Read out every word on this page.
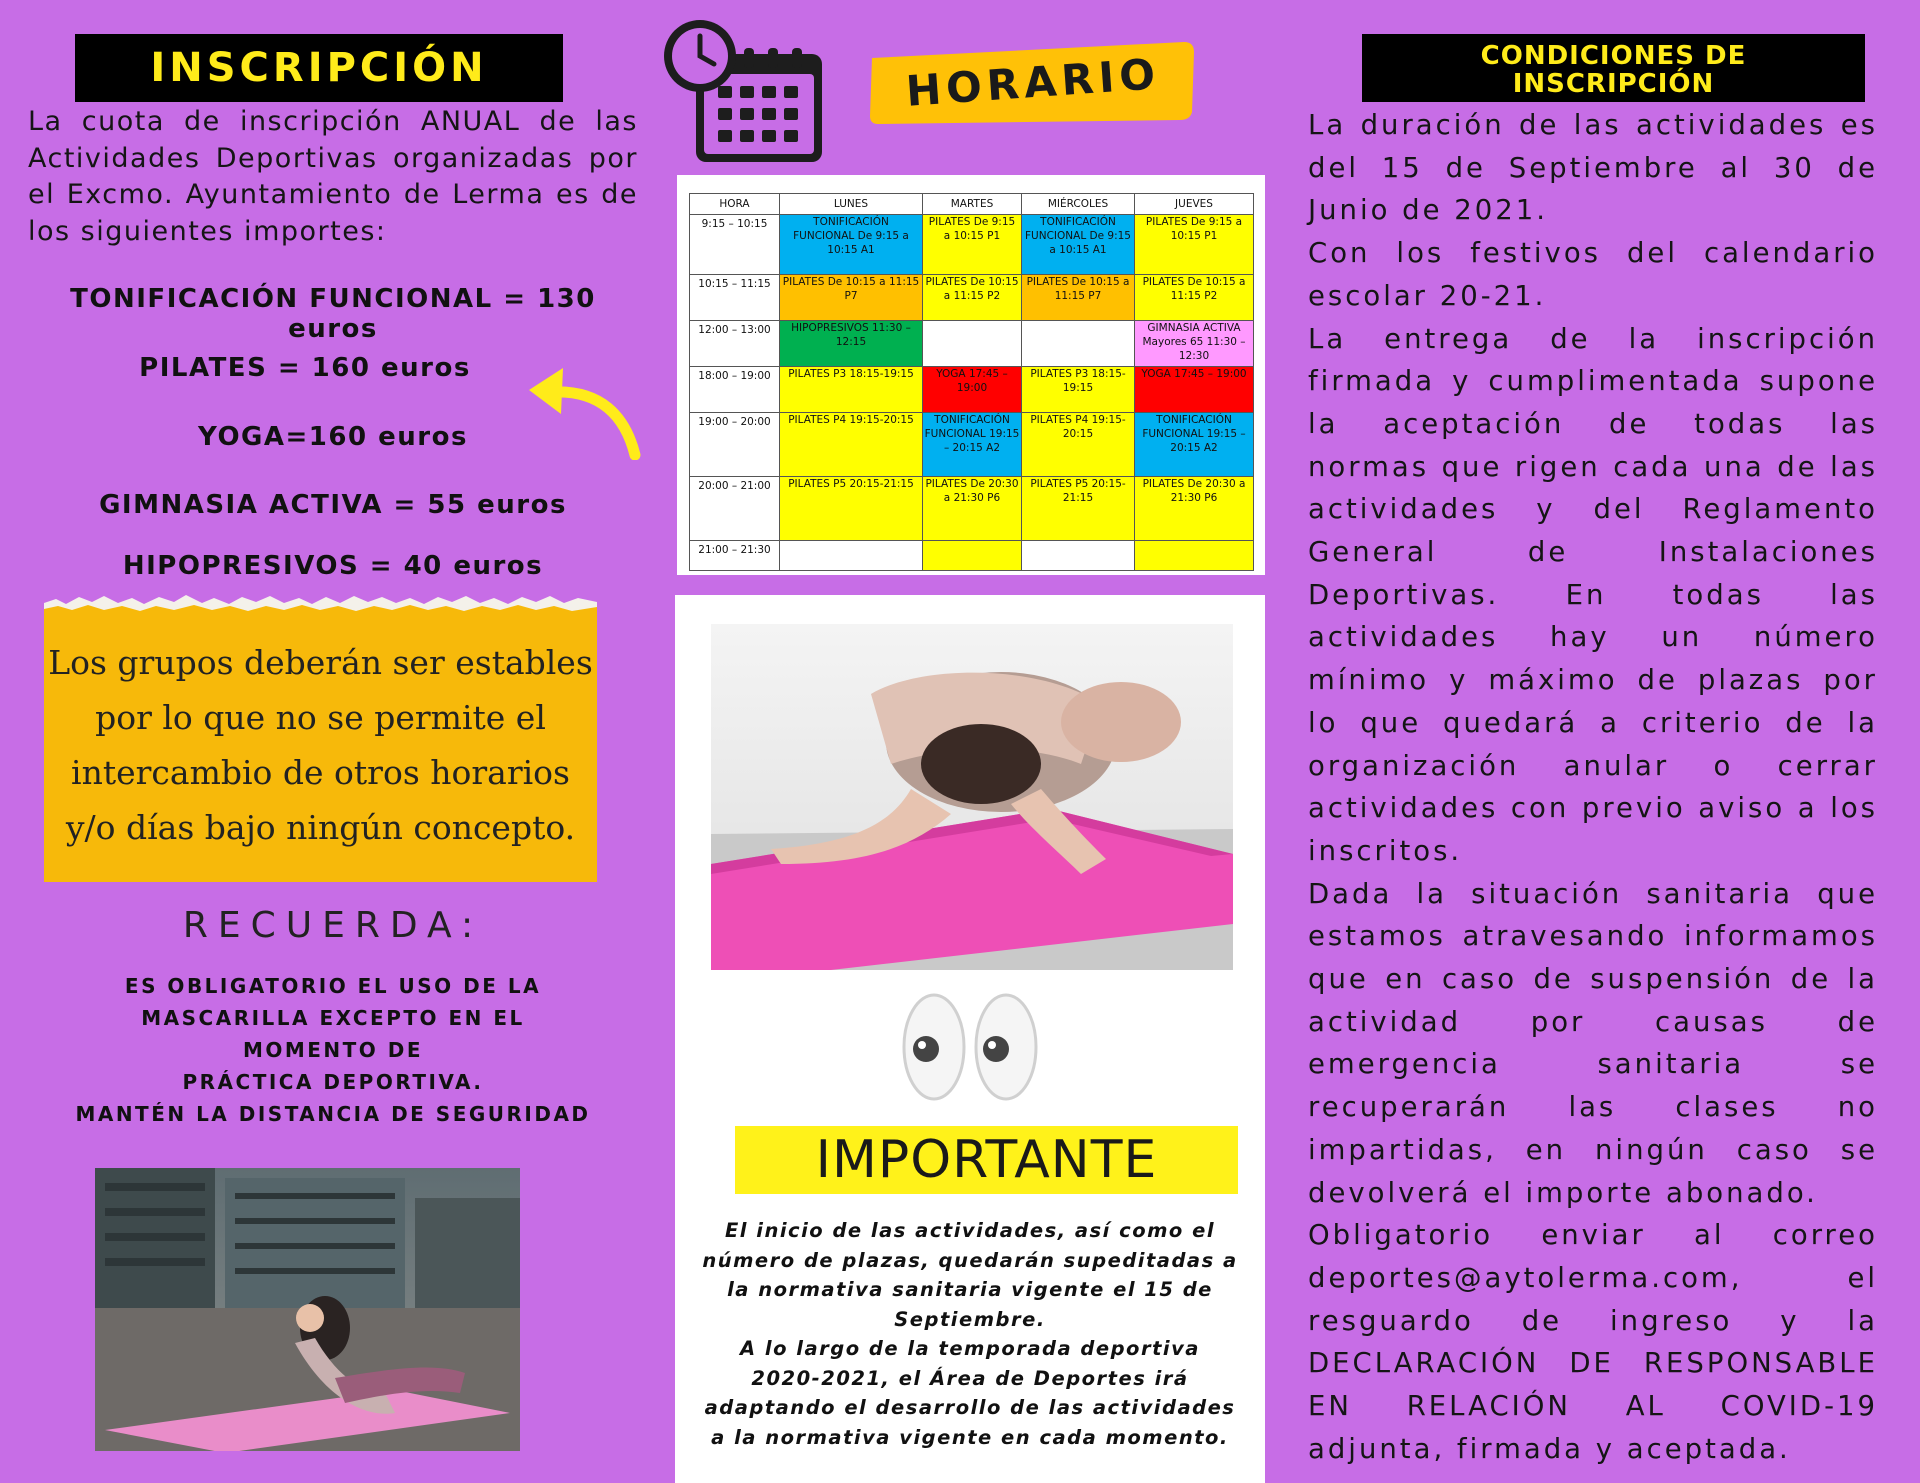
INSCRIPCIÓN
La cuota de inscripción ANUAL de las Actividades Deportivas organizadas por el Excmo. Ayuntamiento de Lerma es de los siguientes importes:
TONIFICACIÓN FUNCIONAL = 130 euros
PILATES = 160 euros
YOGA=160 euros
GIMNASIA ACTIVA = 55 euros
HIPOPRESIVOS = 40 euros
Los grupos deberán ser estables por lo que no se permite el intercambio de otros horarios y/o días bajo ningún concepto.
RECUERDA:
ES OBLIGATORIO EL USO DE LA
MASCARILLA EXCEPTO EN EL
MOMENTO DE
PRÁCTICA DEPORTIVA.
MANTÉN LA DISTANCIA DE SEGURIDAD
HORARIO
HORA	LUNES	MARTES	MIÉRCOLES	JUEVES
9:15 – 10:15	TONIFICACIÓN FUNCIONAL De 9:15 a 10:15 A1	PILATES De 9:15 a 10:15 P1	TONIFICACIÓN FUNCIONAL De 9:15 a 10:15 A1	PILATES De 9:15 a 10:15 P1
10:15 – 11:15	PILATES De 10:15 a 11:15 P7	PILATES De 10:15 a 11:15 P2	PILATES De 10:15 a 11:15 P7	PILATES De 10:15 a 11:15 P2
12:00 – 13:00	HIPOPRESIVOS 11:30 – 12:15			GIMNASIA ACTIVA Mayores 65 11:30 – 12:30
18:00 – 19:00	PILATES P3 18:15-19:15	YOGA 17:45 – 19:00	PILATES P3 18:15-19:15	YOGA 17:45 – 19:00
19:00 – 20:00	PILATES P4 19:15-20:15	TONIFICACIÓN FUNCIONAL 19:15 – 20:15 A2	PILATES P4 19:15-20:15	TONIFICACIÓN FUNCIONAL 19:15 – 20:15 A2
20:00 – 21:00	PILATES P5 20:15-21:15	PILATES De 20:30 a 21:30 P6	PILATES P5 20:15-21:15	PILATES De 20:30 a 21:30 P6
21:00 – 21:30				
IMPORTANTE
El inicio de las actividades, así como el
número de plazas, quedarán supeditadas a
la normativa sanitaria vigente el 15 de
Septiembre.
A lo largo de la temporada deportiva
2020-2021, el Área de Deportes irá
adaptando el desarrollo de las actividades
a la normativa vigente en cada momento.
CONDICIONES DE
INSCRIPCIÓN

La duración de las actividades es del 15 de Septiembre al 30 de Junio de 2021.

Con los festivos del calendario escolar 20-21.

La entrega de la inscripción firmada y cumplimentada supone la aceptación de todas las normas que rigen cada una de las actividades y del Reglamento General de Instalaciones Deportivas. En todas las actividades hay un número mínimo y máximo de plazas por lo que quedará a criterio de la organización anular o cerrar actividades con previo aviso a los inscritos.

Dada la situación sanitaria que estamos atravesando informamos que en caso de suspensión de la actividad por causas de emergencia sanitaria se recuperarán las clases no impartidas, en ningún caso se devolverá el importe abonado.

Obligatorio enviar al correo deportes@aytolerma.com, el resguardo de ingreso y la DECLARACIÓN DE RESPONSABLE EN RELACIÓN AL COVID-19 adjunta, firmada y aceptada.
